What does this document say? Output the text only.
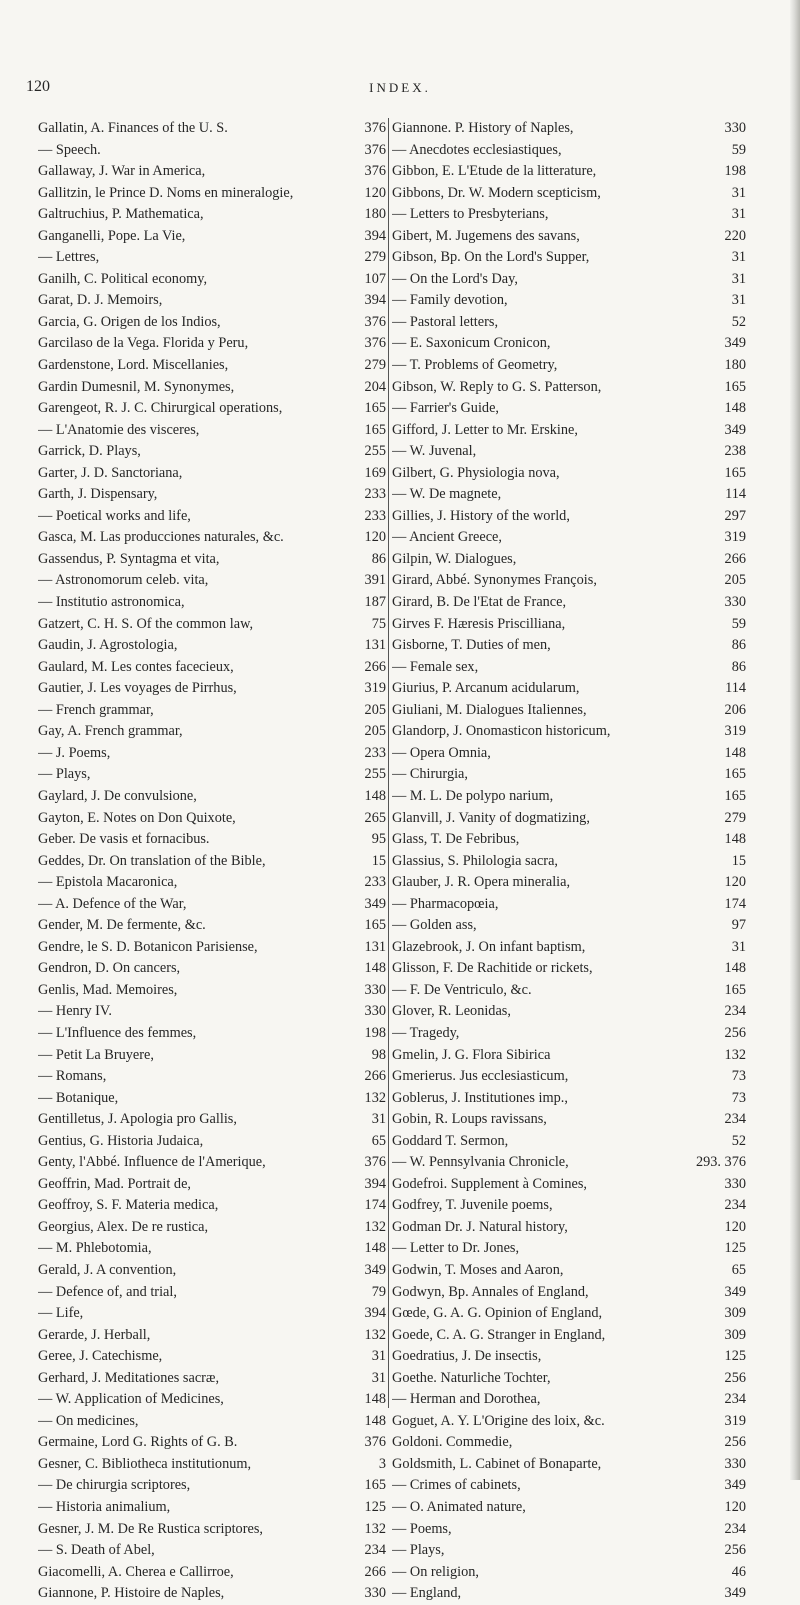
120	INDEX.
Gallatin, A. Finances of the U. S.	376
— Speech.	376
Gallaway, J. War in America,	376
Gallitzin, le Prince D. Noms en mineralogie,	120
Galtruchius, P. Mathematica,	180
Ganganelli, Pope. La Vie,	394
— Lettres,	279
Ganilh, C. Political economy,	107
Garat, D. J. Memoirs,	394
Garcia, G. Origen de los Indios,	376
Garcilaso de la Vega. Florida y Peru,	376
Gardenstone, Lord. Miscellanies,	279
Gardin Dumesnil, M. Synonymes,	204
Garengeot, R. J. C. Chirurgical operations,	165
— L'Anatomie des visceres,	165
Garrick, D. Plays,	255
Garter, J. D. Sanctoriana,	169
Garth, J. Dispensary,	233
— Poetical works and life,	233
Gasca, M. Las producciones naturales, &c.	120
Gassendus, P. Syntagma et vita,	86
— Astronomorum celeb. vita,	391
— Institutio astronomica,	187
Gatzert, C. H. S. Of the common law,	75
Gaudin, J. Agrostologia,	131
Gaulard, M. Les contes facecieux,	266
Gautier, J. Les voyages de Pirrhus,	319
— French grammar,	205
Gay, A. French grammar,	205
— J. Poems,	233
— Plays,	255
Gaylard, J. De convulsione,	148
Gayton, E. Notes on Don Quixote,	265
Geber. De vasis et fornacibus.	95
Geddes, Dr. On translation of the Bible,	15
— Epistola Macaronica,	233
— A. Defence of the War,	349
Gender, M. De fermente, &c.	165
Gendre, le S. D. Botanicon Parisiense,	131
Gendron, D. On cancers,	148
Genlis, Mad. Memoires,	330
— Henry IV.	330
— L'Influence des femmes,	198
— Petit La Bruyere,	98
— Romans,	266
— Botanique,	132
Gentilletus, J. Apologia pro Gallis,	31
Gentius, G. Historia Judaica,	65
Genty, l'Abbé. Influence de l'Amerique,	376
Geoffrin, Mad. Portrait de,	394
Geoffroy, S. F. Materia medica,	174
Georgius, Alex. De re rustica,	132
— M. Phlebotomia,	148
Gerald, J. A convention,	349
— Defence of, and trial,	79
— Life,	394
Gerarde, J. Herball,	132
Geree, J. Catechisme,	31
Gerhard, J. Meditationes sacræ,	31
— W. Application of Medicines,	148
— On medicines,	148
Germaine, Lord G. Rights of G. B.	376
Gesner, C. Bibliotheca institutionum,	3
— De chirurgia scriptores,	165
— Historia animalium,	125
Gesner, J. M. De Re Rustica scriptores,	132
— S. Death of Abel,	234
Giacomelli, A. Cherea e Callirroe,	266
Giannone, P. Histoire de Naples,	330
Giannone. P. History of Naples,	330
— Anecdotes ecclesiastiques,	59
Gibbon, E. L'Etude de la litterature,	198
Gibbons, Dr. W. Modern scepticism,	31
— Letters to Presbyterians,	31
Gibert, M. Jugemens des savans,	220
Gibson, Bp. On the Lord's Supper,	31
— On the Lord's Day,	31
— Family devotion,	31
— Pastoral letters,	52
— E. Saxonicum Cronicon,	349
— T. Problems of Geometry,	180
Gibson, W. Reply to G. S. Patterson,	165
— Farrier's Guide,	148
Gifford, J. Letter to Mr. Erskine,	349
— W. Juvenal,	238
Gilbert, G. Physiologia nova,	165
— W. De magnete,	114
Gillies, J. History of the world,	297
— Ancient Greece,	319
Gilpin, W. Dialogues,	266
Girard, Abbé. Synonymes François,	205
Girard, B. De l'Etat de France,	330
Girves F. Hæresis Priscilliana,	59
Gisborne, T. Duties of men,	86
— Female sex,	86
Giurius, P. Arcanum acidularum,	114
Giuliani, M. Dialogues Italiennes,	206
Glandorp, J. Onomasticon historicum,	319
— Opera Omnia,	148
— Chirurgia,	165
— M. L. De polypo narium,	165
Glanvill, J. Vanity of dogmatizing,	279
Glass, T. De Febribus,	148
Glassius, S. Philologia sacra,	15
Glauber, J. R. Opera mineralia,	120
— Pharmacopœia,	174
— Golden ass,	97
Glazebrook, J. On infant baptism,	31
Glisson, F. De Rachitide or rickets,	148
— F. De Ventriculo, &c.	165
Glover, R. Leonidas,	234
— Tragedy,	256
Gmelin, J. G. Flora Sibirica	132
Gmerierus. Jus ecclesiasticum,	73
Goblerus, J. Institutiones imp.,	73
Gobin, R. Loups ravissans,	234
Goddard T. Sermon,	52
— W. Pennsylvania Chronicle,	293. 376
Godefroi. Supplement à Comines,	330
Godfrey, T. Juvenile poems,	234
Godman Dr. J. Natural history,	120
— Letter to Dr. Jones,	125
Godwin, T. Moses and Aaron,	65
Godwyn, Bp. Annales of England,	349
Gœde, G. A. G. Opinion of England,	309
Goede, C. A. G. Stranger in England,	309
Goedratius, J. De insectis,	125
Goethe. Naturliche Tochter,	256
— Herman and Dorothea,	234
Goguet, A. Y. L'Origine des loix, &c.	319
Goldoni. Commedie,	256
Goldsmith, L. Cabinet of Bonaparte,	330
— Crimes of cabinets,	349
— O. Animated nature,	120
— Poems,	234
— Plays,	256
— On religion,	46
— England,	349
